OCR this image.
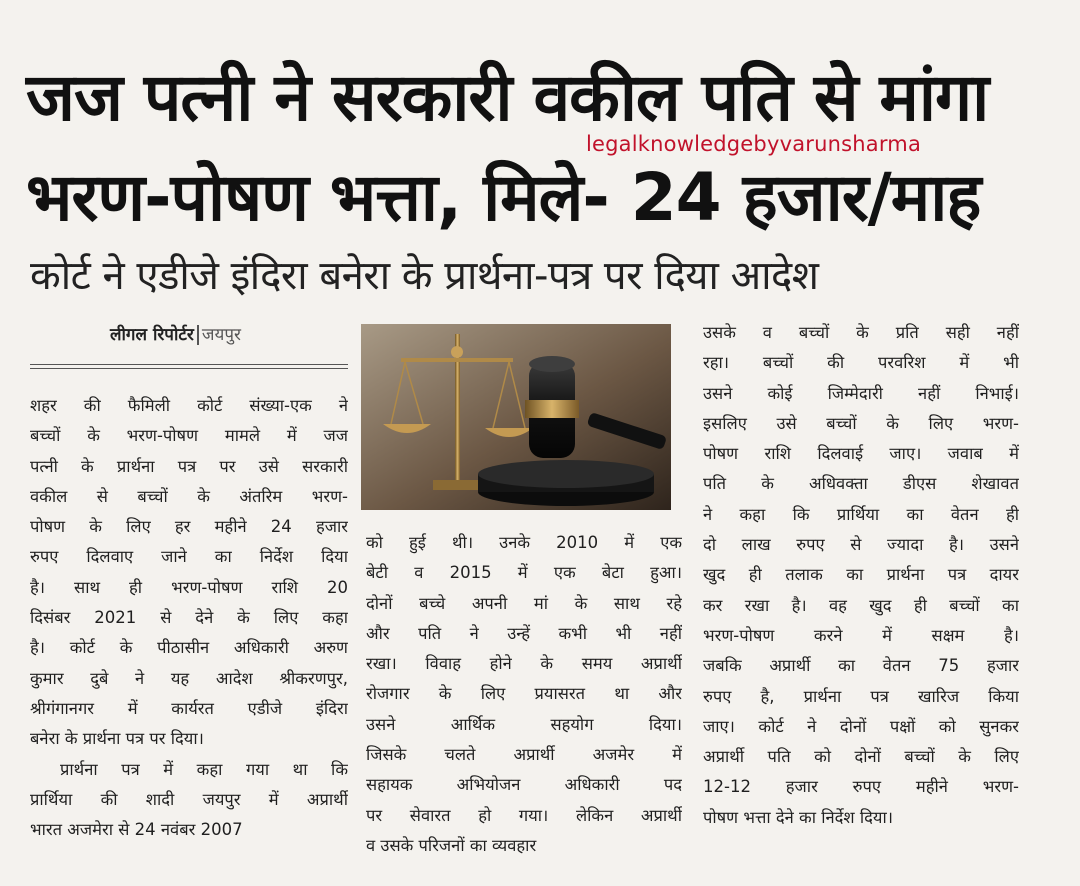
जज पत्नी ने सरकारी वकील पति से मांगा
भरण-पोषण भत्ता, मिले- 24 हजार/माह
legalknowledgebyvarunsharma
कोर्ट ने एडीजे इंदिरा बनेरा के प्रार्थना-पत्र पर दिया आदेश
लीगल रिपोर्टर जयपुर
शहर की फैमिली कोर्ट संख्या-एक ने
बच्चों के भरण-पोषण मामले में जज
पत्नी के प्रार्थना पत्र पर उसे सरकारी
वकील से बच्चों के अंतरिम भरण-
पोषण के लिए हर महीने 24 हजार
रुपए दिलवाए जाने का निर्देश दिया
है। साथ ही भरण-पोषण राशि 20
दिसंबर 2021 से देने के लिए कहा
है। कोर्ट के पीठासीन अधिकारी अरुण
कुमार दुबे ने यह आदेश श्रीकरणपुर,
श्रीगंगानगर में कार्यरत एडीजे इंदिरा
बनेरा के प्रार्थना पत्र पर दिया।
प्रार्थना पत्र में कहा गया था कि
प्रार्थिया की शादी जयपुर में अप्रार्थी
भारत अजमेरा से 24 नवंबर 2007
को हुई थी। उनके 2010 में एक
बेटी व 2015 में एक बेटा हुआ।
दोनों बच्चे अपनी मां के साथ रहे
और पति ने उन्हें कभी भी नहीं
रखा। विवाह होने के समय अप्रार्थी
रोजगार के लिए प्रयासरत था और
उसने आर्थिक सहयोग दिया।
जिसके चलते अप्रार्थी अजमेर में
सहायक अभियोजन अधिकारी पद
पर सेवारत हो गया। लेकिन अप्रार्थी
व उसके परिजनों का व्यवहार
उसके व बच्चों के प्रति सही नहीं
रहा। बच्चों की परवरिश में भी
उसने कोई जिम्मेदारी नहीं निभाई।
इसलिए उसे बच्चों के लिए भरण-
पोषण राशि दिलवाई जाए। जवाब में
पति के अधिवक्ता डीएस शेखावत
ने कहा कि प्रार्थिया का वेतन ही
दो लाख रुपए से ज्यादा है। उसने
खुद ही तलाक का प्रार्थना पत्र दायर
कर रखा है। वह खुद ही बच्चों का
भरण-पोषण करने में सक्षम है।
जबकि अप्रार्थी का वेतन 75 हजार
रुपए है, प्रार्थना पत्र खारिज किया
जाए। कोर्ट ने दोनों पक्षों को सुनकर
अप्रार्थी पति को दोनों बच्चों के लिए
12-12 हजार रुपए महीने भरण-
पोषण भत्ता देने का निर्देश दिया।
